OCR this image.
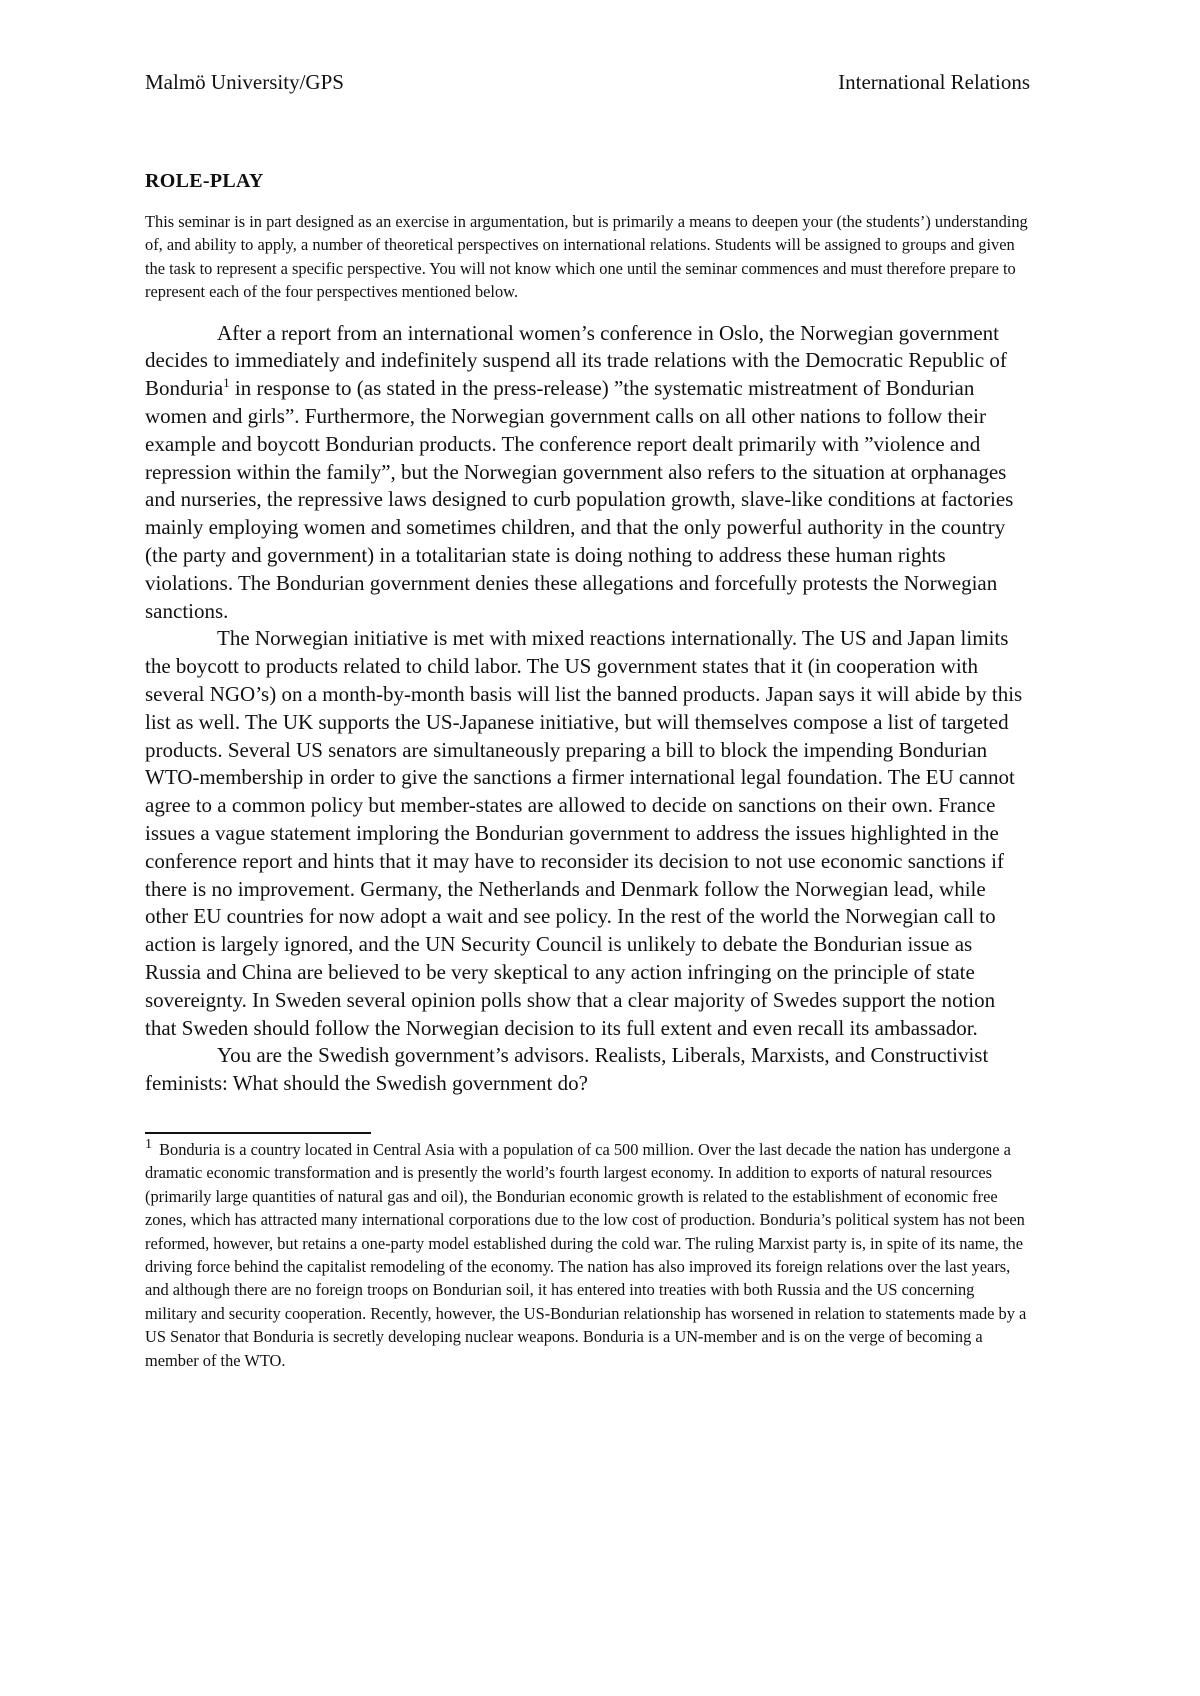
Malmö University/GPS	International Relations
ROLE-PLAY
This seminar is in part designed as an exercise in argumentation, but is primarily a means to deepen your (the students’) understanding of, and ability to apply, a number of theoretical perspectives on international relations. Students will be assigned to groups and given the task to represent a specific perspective. You will not know which one until the seminar commences and must therefore prepare to represent each of the four perspectives mentioned below.

After a report from an international women’s conference in Oslo, the Norwegian government decides to immediately and indefinitely suspend all its trade relations with the Democratic Republic of Bonduria$^1$ in response to (as stated in the press-release) ”the systematic mistreatment of Bondurian women and girls”. Furthermore, the Norwegian government calls on all other nations to follow their example and boycott Bondurian products. The conference report dealt primarily with ”violence and repression within the family”, but the Norwegian government also refers to the situation at orphanages and nurseries, the repressive laws designed to curb population growth, slave-like conditions at factories mainly employing women and sometimes children, and that the only powerful authority in the country (the party and government) in a totalitarian state is doing nothing to address these human rights violations. The Bondurian government denies these allegations and forcefully protests the Norwegian sanctions.

The Norwegian initiative is met with mixed reactions internationally. The US and Japan limits the boycott to products related to child labor. The US government states that it (in cooperation with several NGO’s) on a month-by-month basis will list the banned products. Japan says it will abide by this list as well. The UK supports the US-Japanese initiative, but will themselves compose a list of targeted products. Several US senators are simultaneously preparing a bill to block the impending Bondurian WTO-membership in order to give the sanctions a firmer international legal foundation. The EU cannot agree to a common policy but member-states are allowed to decide on sanctions on their own. France issues a vague statement imploring the Bondurian government to address the issues highlighted in the conference report and hints that it may have to reconsider its decision to not use economic sanctions if there is no improvement. Germany, the Netherlands and Denmark follow the Norwegian lead, while other EU countries for now adopt a wait and see policy. In the rest of the world the Norwegian call to action is largely ignored, and the UN Security Council is unlikely to debate the Bondurian issue as Russia and China are believed to be very skeptical to any action infringing on the principle of state sovereignty. In Sweden several opinion polls show that a clear majority of Swedes support the notion that Sweden should follow the Norwegian decision to its full extent and even recall its ambassador.

You are the Swedish government’s advisors. Realists, Liberals, Marxists, and Constructivist feminists: What should the Swedish government do?

$^1$ Bonduria is a country located in Central Asia with a population of ca 500 million. Over the last decade the nation has undergone a dramatic economic transformation and is presently the world’s fourth largest economy. In addition to exports of natural resources (primarily large quantities of natural gas and oil), the Bondurian economic growth is related to the establishment of economic free zones, which has attracted many international corporations due to the low cost of production. Bonduria’s political system has not been reformed, however, but retains a one-party model established during the cold war. The ruling Marxist party is, in spite of its name, the driving force behind the capitalist remodeling of the economy. The nation has also improved its foreign relations over the last years, and although there are no foreign troops on Bondurian soil, it has entered into treaties with both Russia and the US concerning military and security cooperation. Recently, however, the US-Bondurian relationship has worsened in relation to statements made by a US Senator that Bonduria is secretly developing nuclear weapons. Bonduria is a UN-member and is on the verge of becoming a member of the WTO.
